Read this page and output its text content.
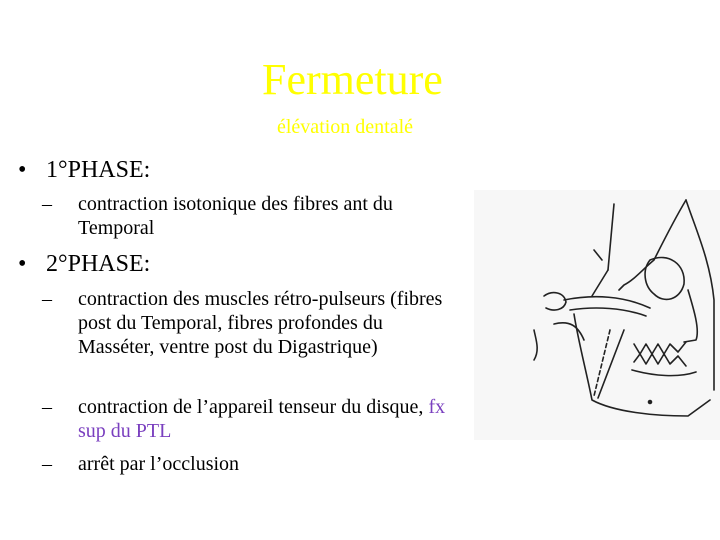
Fermeture
élévation dentalé
• 1°PHASE:
– contraction isotonique des fibres ant du Temporal
• 2°PHASE:
– contraction des muscles rétro-pulseurs (fibres post du Temporal, fibres profondes du Masséter, ventre post du Digastrique)
– contraction de l’appareil tenseur du disque, fx sup du PTL
– arrêt par l’occlusion
